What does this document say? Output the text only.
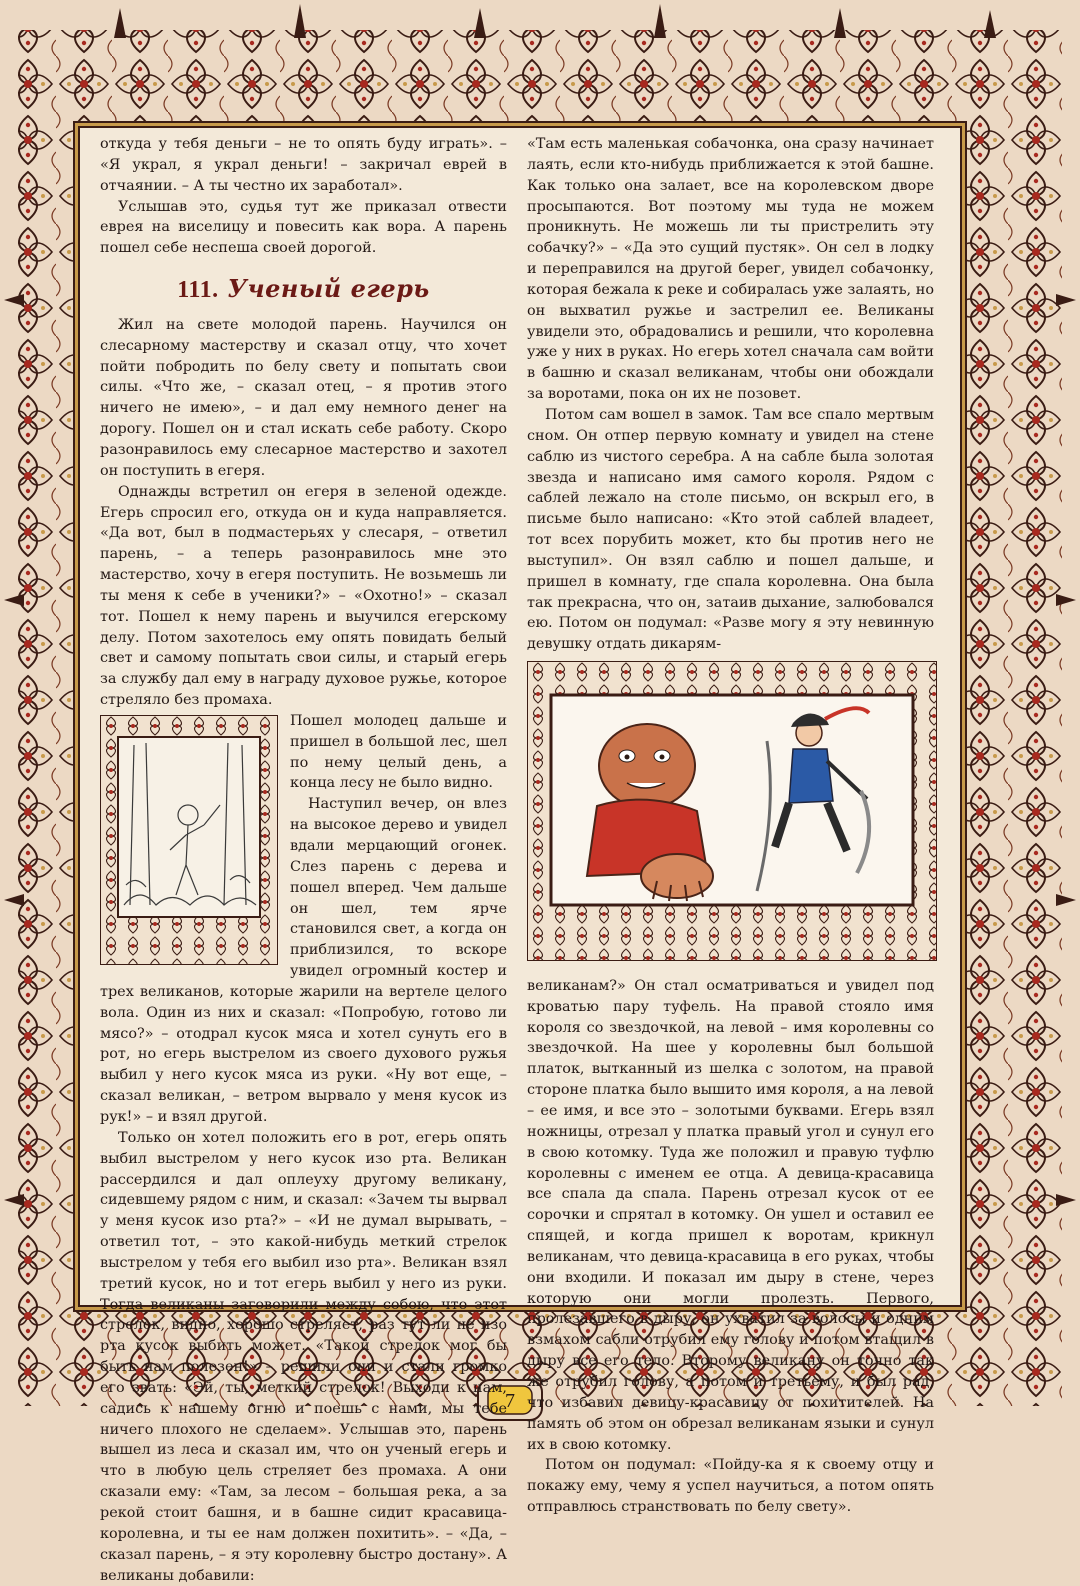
7

откуда у тебя деньги – не то опять буду играть». – «Я украл, я украл деньги! – закричал еврей в отчаянии. – А ты честно их заработал».

Услышав это, судья тут же приказал отвести еврея на виселицу и повесить как вора. А парень пошел себе неспеша своей дорогой.

111. Ученый егерь

Жил на свете молодой парень. Научился он слесарному мастерству и сказал отцу, что хочет пойти побродить по белу свету и попытать свои силы. «Что же, – сказал отец, – я против этого ничего не имею», – и дал ему немного денег на дорогу. Пошел он и стал искать себе работу. Скоро разонравилось ему слесарное мастерство и захотел он поступить в егеря.

Однажды встретил он егеря в зеленой одежде. Егерь спросил его, откуда он и куда направляется. «Да вот, был в подмастерьях у слесаря, – ответил парень, – а теперь разонравилось мне это мастерство, хочу в егеря поступить. Не возьмешь ли ты меня к себе в ученики?» – «Охотно!» – сказал тот. Пошел к нему парень и выучился егерскому делу. Потом захотелось ему опять повидать белый свет и самому попытать свои силы, и старый егерь за службу дал ему в награду духовое ружье, которое стреляло без промаха.

Пошел молодец дальше и пришел в большой лес, шел по нему целый день, а конца лесу не было видно.

Наступил вечер, он влез на высокое дерево и увидел вдали мерцающий огонек. Слез парень с дерева и пошел вперед. Чем дальше он шел, тем ярче становился свет, а когда он приблизился, то вскоре увидел огромный костер и трех великанов, которые жарили на вертеле целого вола. Один из них и сказал: «Попробую, готово ли мясо?» – отодрал кусок мяса и хотел сунуть его в рот, но егерь выстрелом из своего духового ружья выбил у него кусок мяса из руки. «Ну вот еще, – сказал великан, – ветром вырвало у меня кусок из рук!» – и взял другой.

Только он хотел положить его в рот, егерь опять выбил выстрелом у него кусок изо рта. Великан рассердился и дал оплеуху другому великану, сидевшему рядом с ним, и сказал: «Зачем ты вырвал у меня кусок изо рта?» – «И не думал вырывать, – ответил тот, – это какой-нибудь меткий стрелок выстрелом у тебя его выбил изо рта». Великан взял третий кусок, но и тот егерь выбил у него из руки. Тогда великаны заговорили между собою, что этот стрелок, видно, хорошо стреляет, раз тут ли не изо рта кусок выбить может. «Такой стрелок мог бы быть нам полезен!» – решили они и стали громко его звать: «Эй, ты, меткий стрелок! Выходи к нам, садись к нашему огню и поешь с нами, мы тебе ничего плохого не сделаем». Услышав это, парень вышел из леса и сказал им, что он ученый егерь и что в любую цель стреляет без промаха. А они сказали ему: «Там, за лесом – большая река, а за рекой стоит башня, и в башне сидит красавица-королевна, и ты ее нам должен похитить». – «Да, – сказал парень, – я эту королевну быстро достану». А великаны добавили:

«Там есть маленькая собачонка, она сразу начинает лаять, если кто-нибудь приближается к этой башне. Как только она залает, все на королевском дворе просыпаются. Вот поэтому мы туда не можем проникнуть. Не можешь ли ты пристрелить эту собачку?» – «Да это сущий пустяк». Он сел в лодку и переправился на другой берег, увидел собачонку, которая бежала к реке и собиралась уже залаять, но он выхватил ружье и застрелил ее. Великаны увидели это, обрадовались и решили, что королевна уже у них в руках. Но егерь хотел сначала сам войти в башню и сказал великанам, чтобы они обождали за воротами, пока он их не позовет.

Потом сам вошел в замок. Там все спало мертвым сном. Он отпер первую комнату и увидел на стене саблю из чистого серебра. А на сабле была золотая звезда и написано имя самого короля. Рядом с саблей лежало на столе письмо, он вскрыл его, в письме было написано: «Кто этой саблей владеет, тот всех порубить может, кто бы против него не выступил». Он взял саблю и пошел дальше, и пришел в комнату, где спала королевна. Она была так прекрасна, что он, затаив дыхание, залюбовался ею. Потом он подумал: «Разве могу я эту невинную девушку отдать дикарям-

великанам?» Он стал осматриваться и увидел под кроватью пару туфель. На правой стояло имя короля со звездочкой, на левой – имя королевны со звездочкой. На шее у королевны был большой платок, вытканный из шелка с золотом, на правой стороне платка было вышито имя короля, а на левой – ее имя, и все это – золотыми буквами. Егерь взял ножницы, отрезал у платка правый угол и сунул его в свою котомку. Туда же положил и правую туфлю королевны с именем ее отца. А девица-красавица все спала да спала. Парень отрезал кусок от ее сорочки и спрятал в котомку. Он ушел и оставил ее спящей, и когда пришел к воротам, крикнул великанам, что девица-красавица в его руках, чтобы они входили. И показал им дыру в стене, через которую они могли пролезть. Первого, пролезавшего в дыру, он ухватил за волосы и одним взмахом сабли отрубил ему голову и потом втащил в дыру все его тело. Второму великану он точно так же отрубил голову, а потом и третьему, и был рад, что избавил девицу-красавицу от похитителей. На память об этом он обрезал великанам языки и сунул их в свою котомку.

Потом он подумал: «Пойду-ка я к своему отцу и покажу ему, чему я успел научиться, а потом опять отправлюсь странствовать по белу свету».
